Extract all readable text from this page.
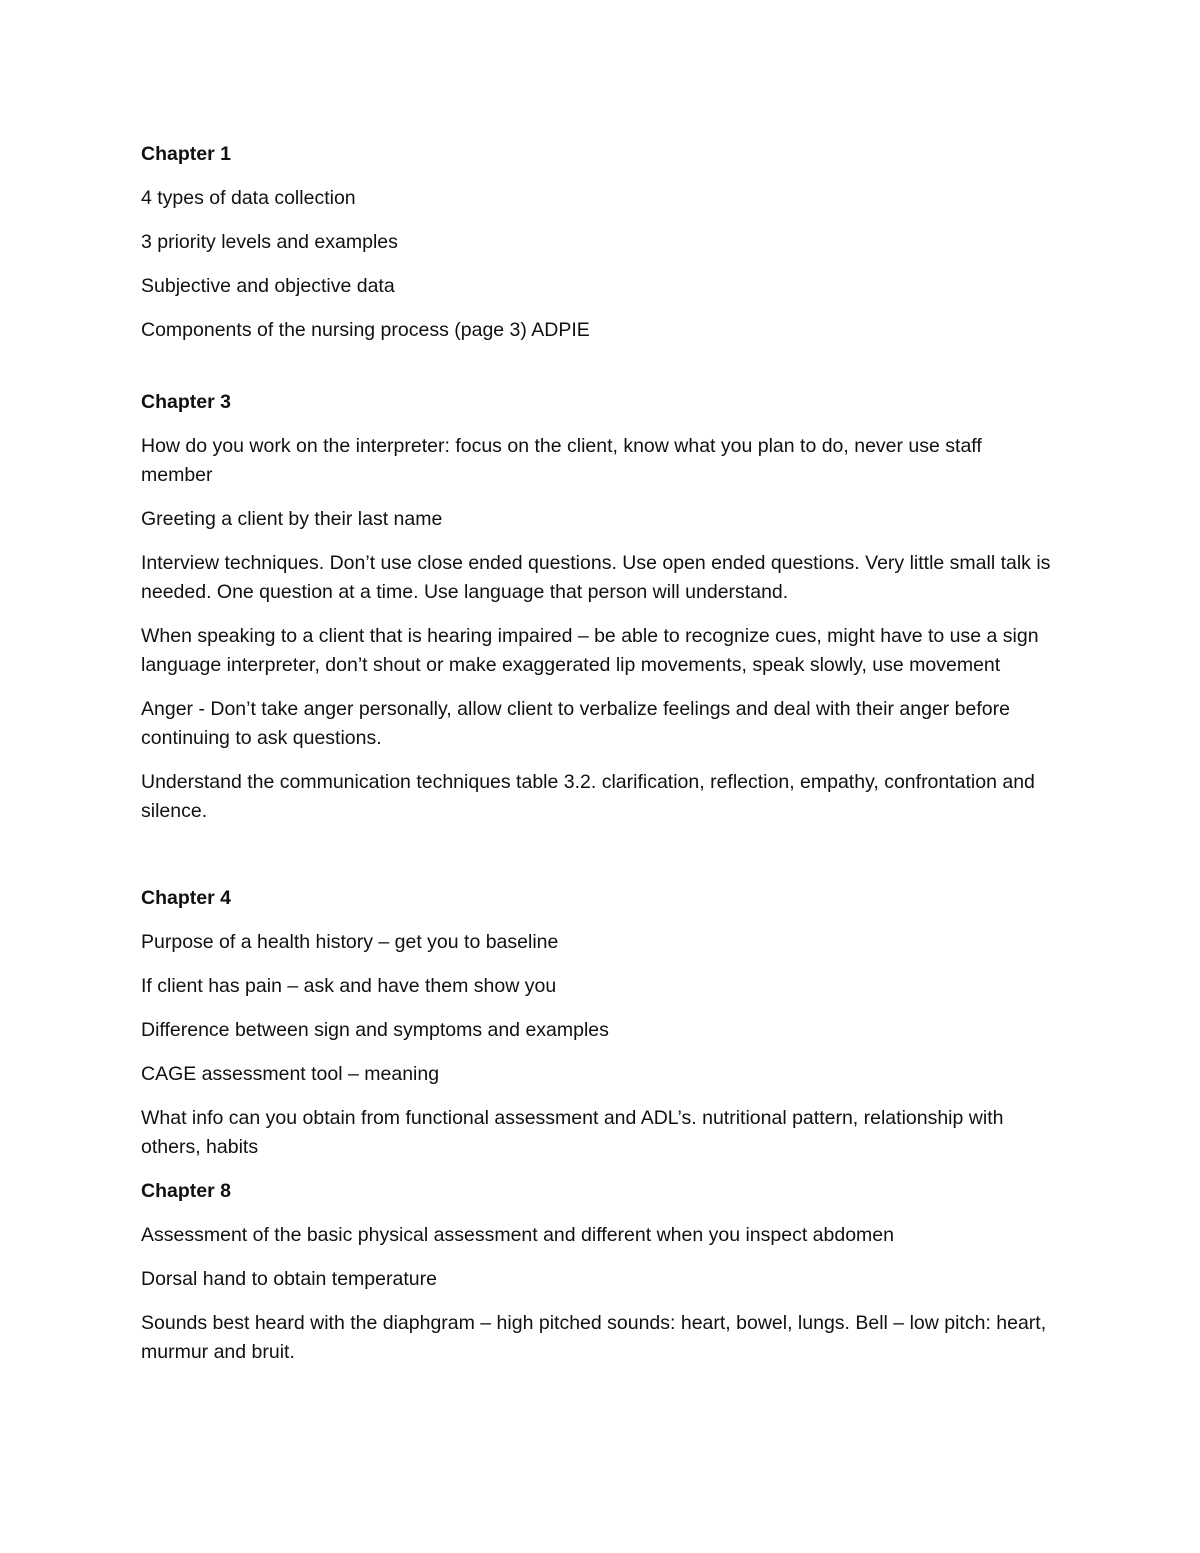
Chapter 1

4 types of data collection

3 priority levels and examples

Subjective and objective data

Components of the nursing process (page 3) ADPIE

Chapter 3

How do you work on the interpreter: focus on the client, know what you plan to do, never use staff member

Greeting a client by their last name

Interview techniques. Don’t use close ended questions. Use open ended questions. Very little small talk is needed. One question at a time. Use language that person will understand.

When speaking to a client that is hearing impaired – be able to recognize cues, might have to use a sign language interpreter, don’t shout or make exaggerated lip movements, speak slowly, use movement

Anger - Don’t take anger personally, allow client to verbalize feelings and deal with their anger before continuing to ask questions.

Understand the communication techniques table 3.2. clarification, reflection, empathy, confrontation and silence.

Chapter 4

Purpose of a health history – get you to baseline

If client has pain – ask and have them show you

Difference between sign and symptoms and examples

CAGE assessment tool – meaning

What info can you obtain from functional assessment and ADL’s. nutritional pattern, relationship with others, habits

Chapter 8

Assessment of the basic physical assessment and different when you inspect abdomen

Dorsal hand to obtain temperature

Sounds best heard with the diaphgram – high pitched sounds: heart, bowel, lungs. Bell – low pitch: heart, murmur and bruit.
